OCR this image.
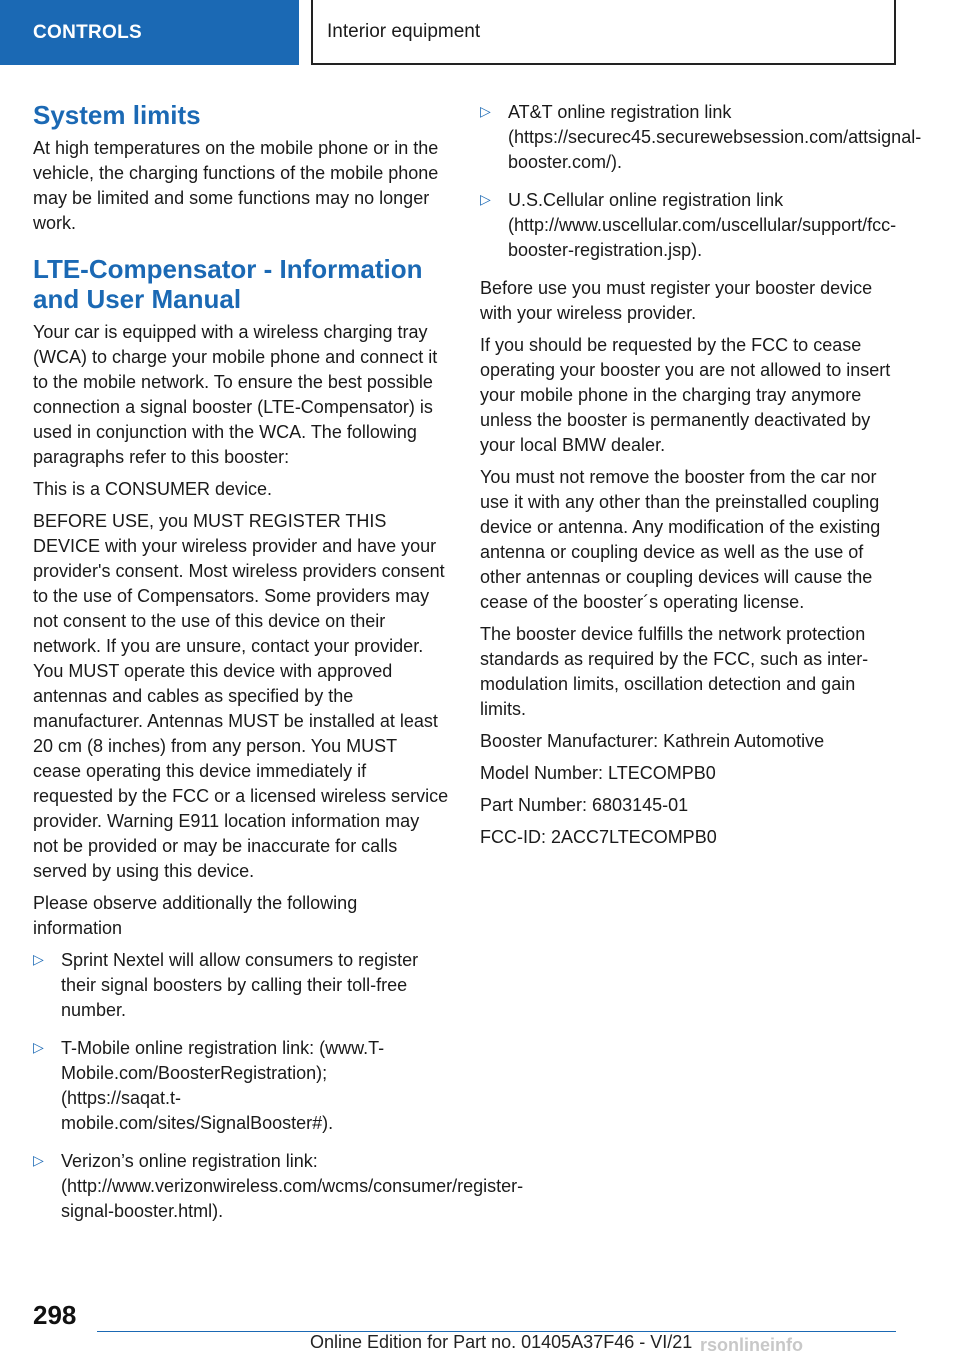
CONTROLS	Interior equipment
System limits

At high temperatures on the mobile phone or in the vehicle, the charging functions of the mobile phone may be limited and some functions may no longer work.

LTE-Compensator - Information and User Manual

Your car is equipped with a wireless charging tray (WCA) to charge your mobile phone and connect it to the mobile network. To ensure the best possible connection a signal booster (LTE-Compensator) is used in conjunction with the WCA. The following paragraphs refer to this booster:

This is a CONSUMER device.

BEFORE USE, you MUST REGISTER THIS DEVICE with your wireless provider and have your provider's consent. Most wireless providers consent to the use of Compensators. Some providers may not consent to the use of this device on their network. If you are unsure, contact your provider. You MUST operate this device with approved antennas and cables as specified by the manufacturer. Antennas MUST be installed at least 20 cm (8 inches) from any person. You MUST cease operating this device immediately if requested by the FCC or a licensed wireless service provider. Warning E911 location information may not be provided or may be inaccurate for calls served by using this device.

Please observe additionally the following information

▷ Sprint Nextel will allow consumers to register their signal boosters by calling their toll-free number.
▷ T-Mobile online registration link: (www.T-Mobile.com/BoosterRegistration); (https://saqat.t-mobile.com/sites/SignalBooster#).
▷ Verizon’s online registration link: (http://www.verizonwireless.com/wcms/consumer/register-signal-booster.html).
▷ AT&T online registration link (https://securec45.securewebsession.com/attsignal-booster.com/).
▷ U.S.Cellular online registration link (http://www.uscellular.com/uscellular/support/fcc-booster-registration.jsp).

Before use you must register your booster device with your wireless provider.

If you should be requested by the FCC to cease operating your booster you are not allowed to insert your mobile phone in the charging tray anymore unless the booster is permanently deactivated by your local BMW dealer.

You must not remove the booster from the car nor use it with any other than the preinstalled coupling device or antenna. Any modification of the existing antenna or coupling device as well as the use of other antennas or coupling devices will cause the cease of the booster´s operating license.

The booster device fulfills the network protection standards as required by the FCC, such as inter-modulation limits, oscillation detection and gain limits.

Booster Manufacturer: Kathrein Automotive

Model Number: LTECOMPB0

Part Number: 6803145-01

FCC-ID: 2ACC7LTECOMPB0

298
Online Edition for Part no. 01405A37F46 - VI/21 rsonlineinfo
